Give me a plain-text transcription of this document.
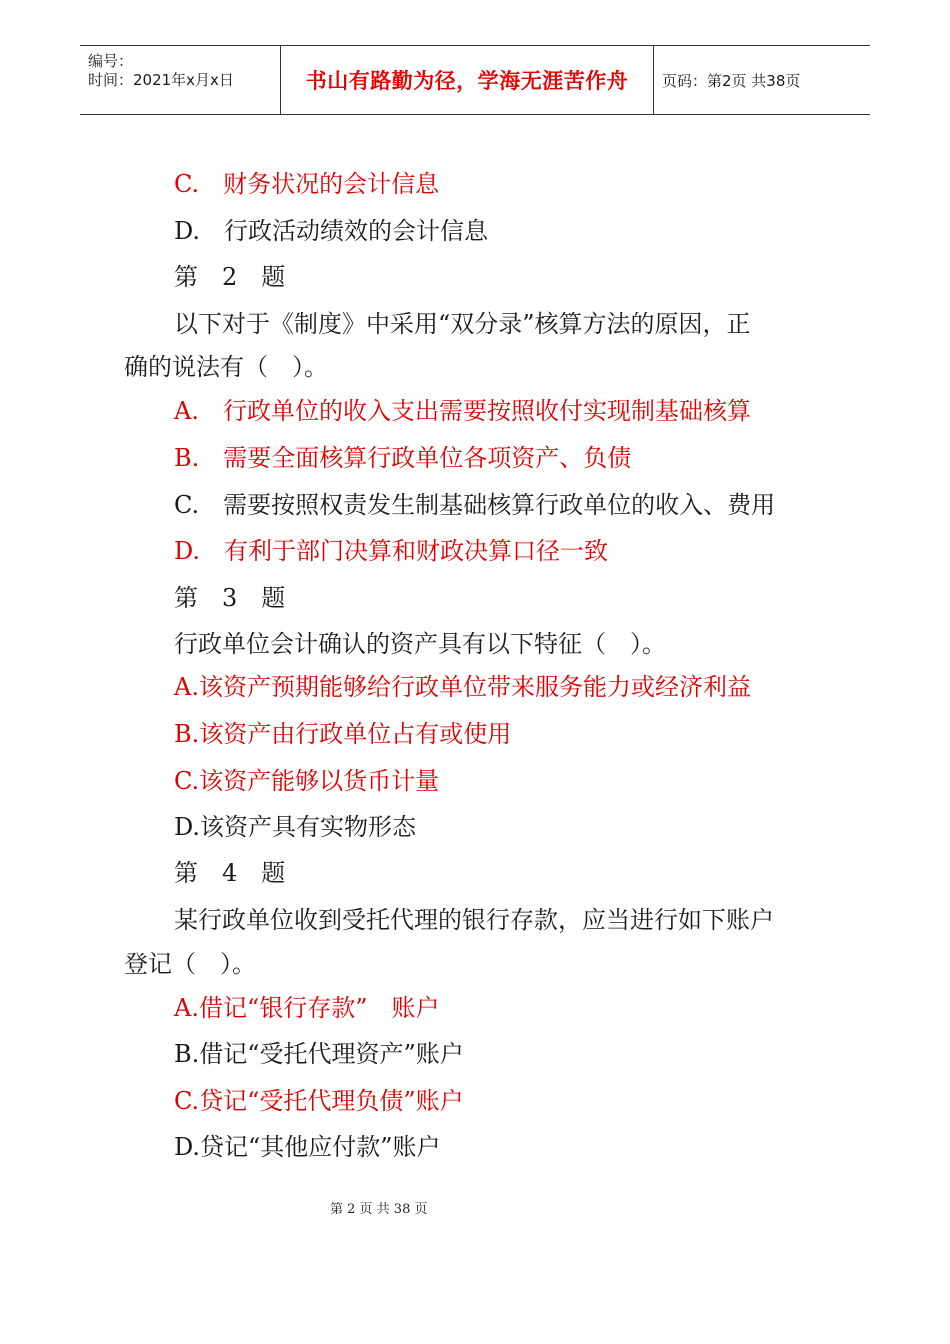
编号：
时间：2021年x月x日	书山有路勤为径，学海无涯苦作舟 页码：第2页 共38页
C.　财务状况的会计信息
D.　行政活动绩效的会计信息
第　2　题
以下对于《制度》中采用“双分录”核算方法的原因，正
确的说法有（　）。
A.　行政单位的收入支出需要按照收付实现制基础核算
B.　需要全面核算行政单位各项资产、负债
C.　需要按照权责发生制基础核算行政单位的收入、费用
D.　有利于部门决算和财政决算口径一致
第　3　题
行政单位会计确认的资产具有以下特征（　）。
A.该资产预期能够给行政单位带来服务能力或经济利益
B.该资产由行政单位占有或使用
C.该资产能够以货币计量
D.该资产具有实物形态
第　4　题
某行政单位收到受托代理的银行存款，应当进行如下账户
登记（　）。
A.借记“银行存款”　账户
B.借记“受托代理资产”账户
C.贷记“受托代理负债”账户
D.贷记“其他应付款”账户
第 2 页 共 38 页
